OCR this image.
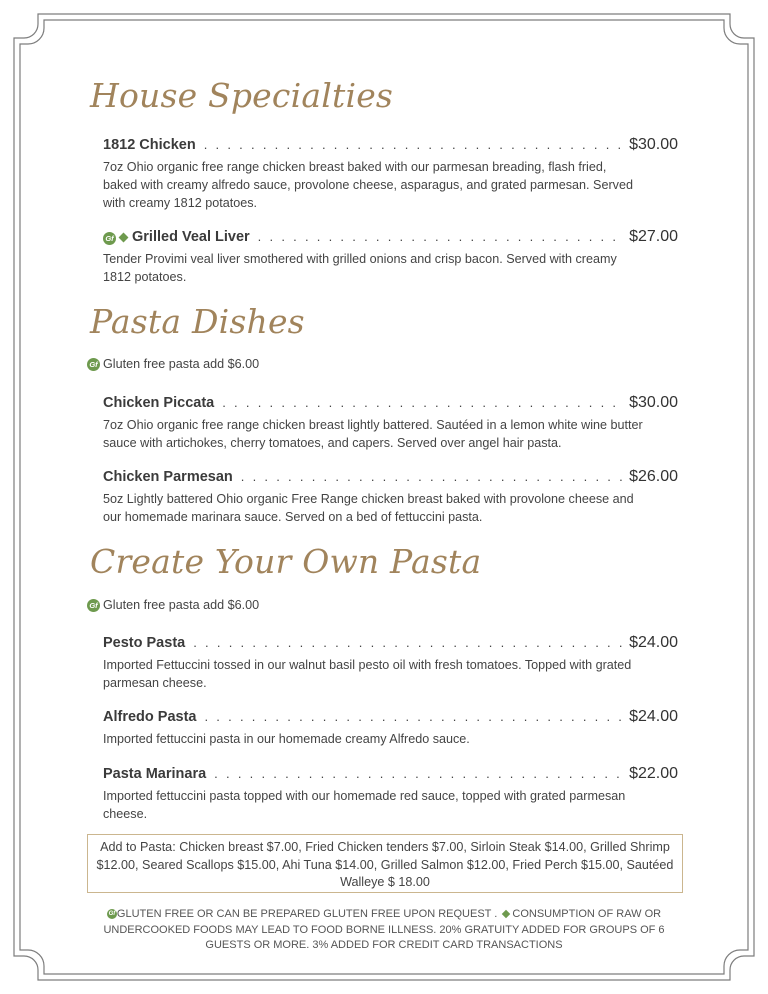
House Specialties
1812 Chicken . . .	$30.00
7oz Ohio organic free range chicken breast baked with our parmesan breading, flash fried, baked with creamy alfredo sauce, provolone cheese, asparagus, and grated parmesan. Served with creamy 1812 potatoes.
Gf Grilled Veal Liver . . .	$27.00
Tender Provimi veal liver smothered with grilled onions and crisp bacon. Served with creamy 1812 potatoes.
Pasta Dishes
Gf Gluten free pasta add $6.00
Chicken Piccata . . .	$30.00
7oz Ohio organic free range chicken breast lightly battered. Sautéed in a lemon white wine butter sauce with artichokes, cherry tomatoes, and capers. Served over angel hair pasta.
Chicken Parmesan . . .	$26.00
5oz Lightly battered Ohio organic Free Range chicken breast baked with provolone cheese and our homemade marinara sauce. Served on a bed of fettuccini pasta.
Create Your Own Pasta
Gf Gluten free pasta add $6.00
Pesto Pasta . . .	$24.00
Imported Fettuccini tossed in our walnut basil pesto oil with fresh tomatoes. Topped with grated parmesan cheese.
Alfredo Pasta . . .	$24.00
Imported fettuccini pasta in our homemade creamy Alfredo sauce.
Pasta Marinara . . .	$22.00
Imported fettuccini pasta topped with our homemade red sauce, topped with grated parmesan cheese.
Add to Pasta: Chicken breast $7.00, Fried Chicken tenders $7.00, Sirloin Steak $14.00, Grilled Shrimp $12.00, Seared Scallops $15.00, Ahi Tuna $14.00, Grilled Salmon $12.00, Fried Perch $15.00, Sautéed Walleye $ 18.00
Gf GLUTEN FREE OR CAN BE PREPARED GLUTEN FREE UPON REQUEST . CONSUMPTION OF RAW OR UNDERCOOKED FOODS MAY LEAD TO FOOD BORNE ILLNESS. 20% GRATUITY ADDED FOR GROUPS OF 6 GUESTS OR MORE. 3% ADDED FOR CREDIT CARD TRANSACTIONS
